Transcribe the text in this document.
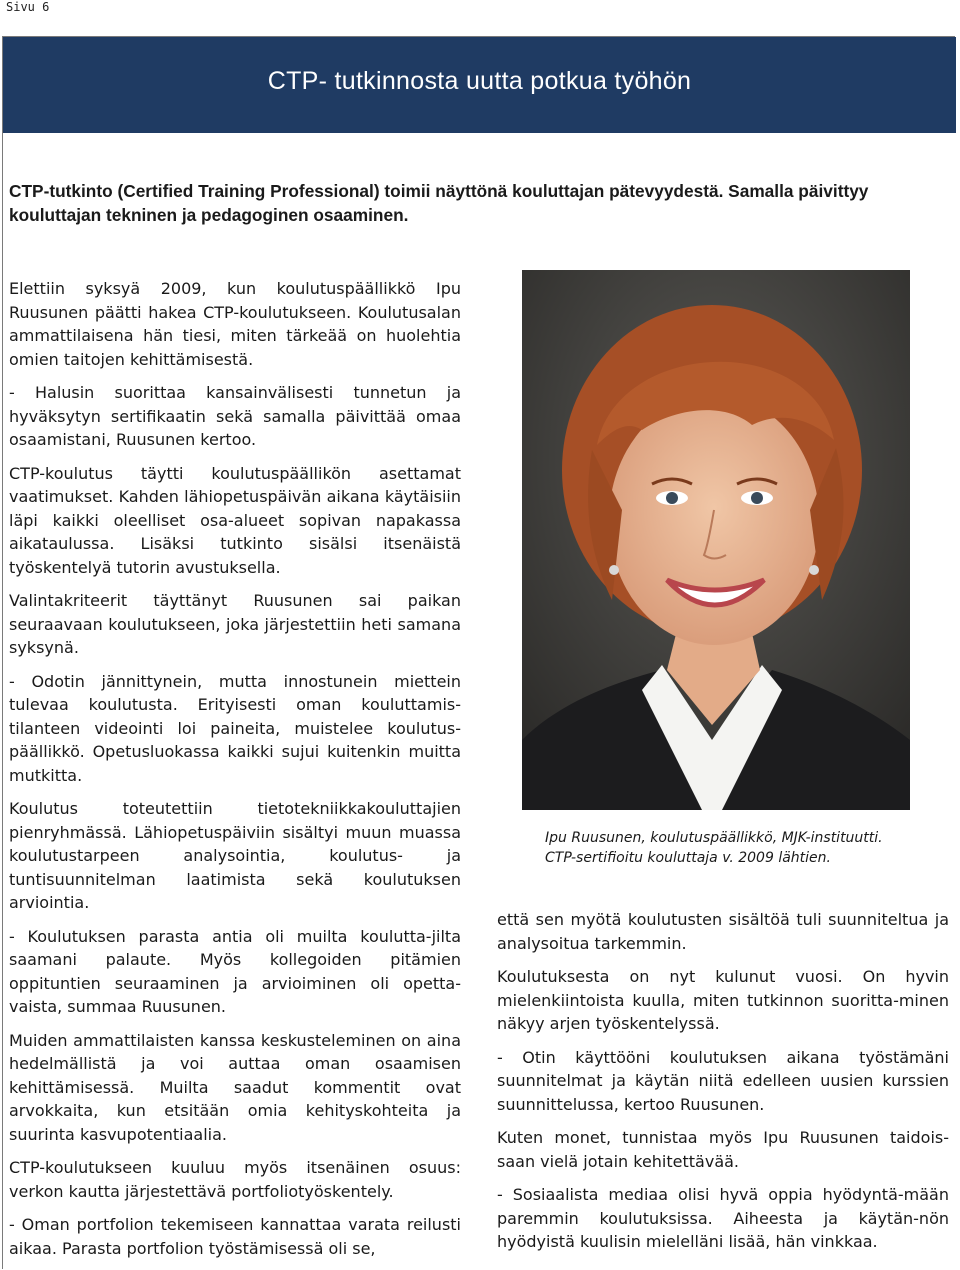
Sivu 6
CTP- tutkinnosta uutta potkua työhön

CTP-tutkinto (Certified Training Professional) toimii näyttönä kouluttajan pätevyydestä. Samalla päivittyy kouluttajan tekninen ja pedagoginen osaaminen.

Elettiin syksyä 2009, kun koulutuspäällikkö Ipu Ruusunen päätti hakea CTP-koulutukseen. Koulutusalan ammattilaisena hän tiesi, miten tärkeää on huolehtia omien taitojen kehittämisestä.

- Halusin suorittaa kansainvälisesti tunnetun ja hyväksytyn sertifikaatin sekä samalla päivittää omaa osaamistani, Ruusunen kertoo.

CTP-koulutus täytti koulutuspäällikön asettamat vaatimukset. Kahden lähiopetuspäivän aikana käytäisiin läpi kaikki oleelliset osa-alueet sopivan napakassa aikataulussa. Lisäksi tutkinto sisälsi itsenäistä työskentelyä tutorin avustuksella.

Valintakriteerit täyttänyt Ruusunen sai paikan seuraavaan koulutukseen, joka järjestettiin heti samana syksynä.

- Odotin jännittynein, mutta innostunein miettein tulevaa koulutusta. Erityisesti oman kouluttamis-tilanteen videointi loi paineita, muistelee koulutus-päällikkö. Opetusluokassa kaikki sujui kuitenkin muitta mutkitta.

Koulutus toteutettiin tietotekniikkakouluttajien pienryhmässä. Lähiopetuspäiviin sisältyi muun muassa koulutustarpeen analysointia, koulutus- ja tuntisuunnitelman laatimista sekä koulutuksen arviointia.

- Koulutuksen parasta antia oli muilta koulutta-jilta saamani palaute. Myös kollegoiden pitämien oppituntien seuraaminen ja arvioiminen oli opetta-vaista, summaa Ruusunen.

Muiden ammattilaisten kanssa keskusteleminen on aina hedelmällistä ja voi auttaa oman osaamisen kehittämisessä. Muilta saadut kommentit ovat arvokkaita, kun etsitään omia kehityskohteita ja suurinta kasvupotentiaalia.

CTP-koulutukseen kuuluu myös itsenäinen osuus: verkon kautta järjestettävä portfoliotyöskentely.

- Oman portfolion tekemiseen kannattaa varata reilusti aikaa. Parasta portfolion työstämisessä oli se,

Ipu Ruusunen, koulutuspäällikkö, MJK-instituutti.
CTP-sertifioitu kouluttaja v. 2009 lähtien.

että sen myötä koulutusten sisältöä tuli suunniteltua ja analysoitua tarkemmin.

Koulutuksesta on nyt kulunut vuosi. On hyvin mielenkiintoista kuulla, miten tutkinnon suoritta-minen näkyy arjen työskentelyssä.

- Otin käyttööni koulutuksen aikana työstämäni suunnitelmat ja käytän niitä edelleen uusien kurssien suunnittelussa, kertoo Ruusunen.

Kuten monet, tunnistaa myös Ipu Ruusunen taidois-saan vielä jotain kehitettävää.

- Sosiaalista mediaa olisi hyvä oppia hyödyntä-mään paremmin koulutuksissa. Aiheesta ja käytän-nön hyödyistä kuulisin mielelläni lisää, hän vinkkaa.
